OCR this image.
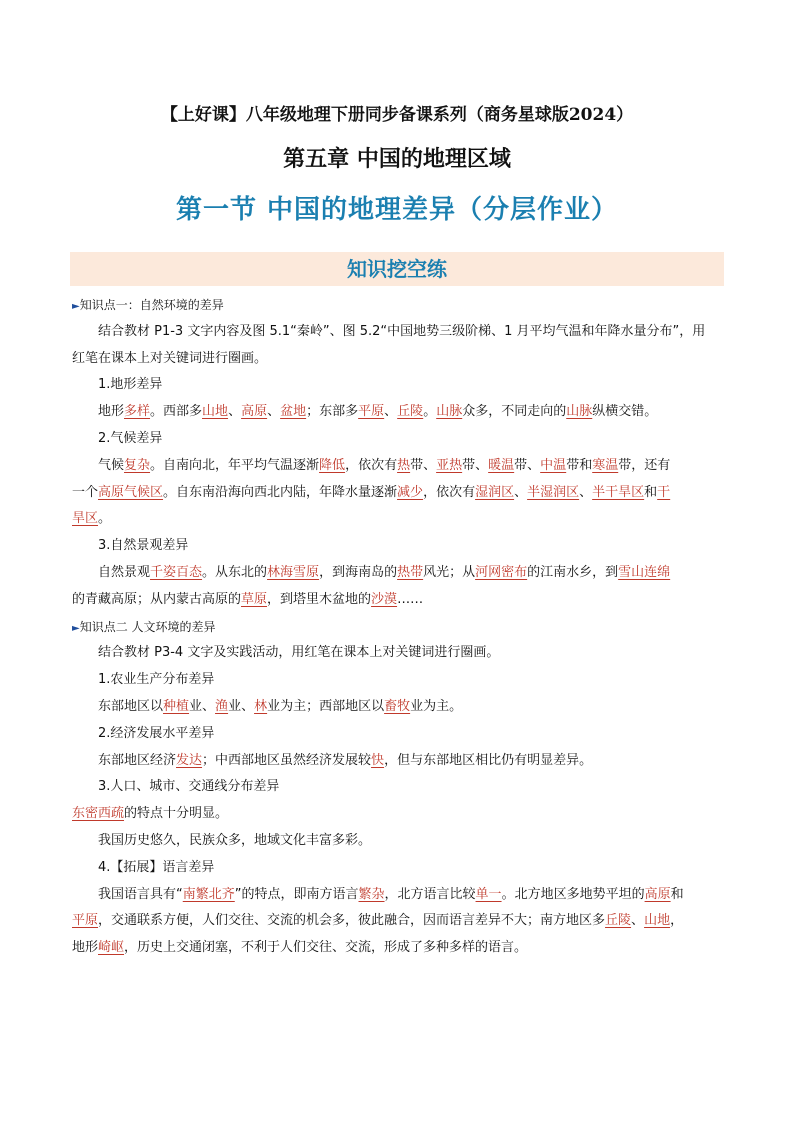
【上好课】八年级地理下册同步备课系列（商务星球版2024）
第五章 中国的地理区域
第一节 中国的地理差异（分层作业）
知识挖空练
►知识点一：自然环境的差异
结合教材 P1-3 文字内容及图 5.1“秦岭”、图 5.2“中国地势三级阶梯、1 月平均气温和年降水量分布”，用
红笔在课本上对关键词进行圈画。
1.地形差异
地形多样。西部多山地、高原、盆地；东部多平原、丘陵。山脉众多，不同走向的山脉纵横交错。
2.气候差异
气候复杂。自南向北，年平均气温逐渐降低，依次有热带、亚热带、暖温带、中温带和寒温带，还有
一个高原气候区。自东南沿海向西北内陆，年降水量逐渐减少，依次有湿润区、半湿润区、半干旱区和干
旱区。
3.自然景观差异
自然景观千姿百态。从东北的林海雪原，到海南岛的热带风光；从河网密布的江南水乡，到雪山连绵
的青藏高原；从内蒙古高原的草原，到塔里木盆地的沙漠……
►知识点二 人文环境的差异
结合教材 P3-4 文字及实践活动，用红笔在课本上对关键词进行圈画。
1.农业生产分布差异
东部地区以种植业、渔业、林业为主；西部地区以畜牧业为主。
2.经济发展水平差异
东部地区经济发达；中西部地区虽然经济发展较快，但与东部地区相比仍有明显差异。
3.人口、城市、交通线分布差异
东密西疏的特点十分明显。
我国历史悠久，民族众多，地域文化丰富多彩。
4.【拓展】语言差异
我国语言具有“南繁北齐”的特点，即南方语言繁杂，北方语言比较单一。北方地区多地势平坦的高原和
平原，交通联系方便，人们交往、交流的机会多，彼此融合，因而语言差异不大；南方地区多丘陵、山地，
地形崎岖，历史上交通闭塞，不利于人们交往、交流，形成了多种多样的语言。
